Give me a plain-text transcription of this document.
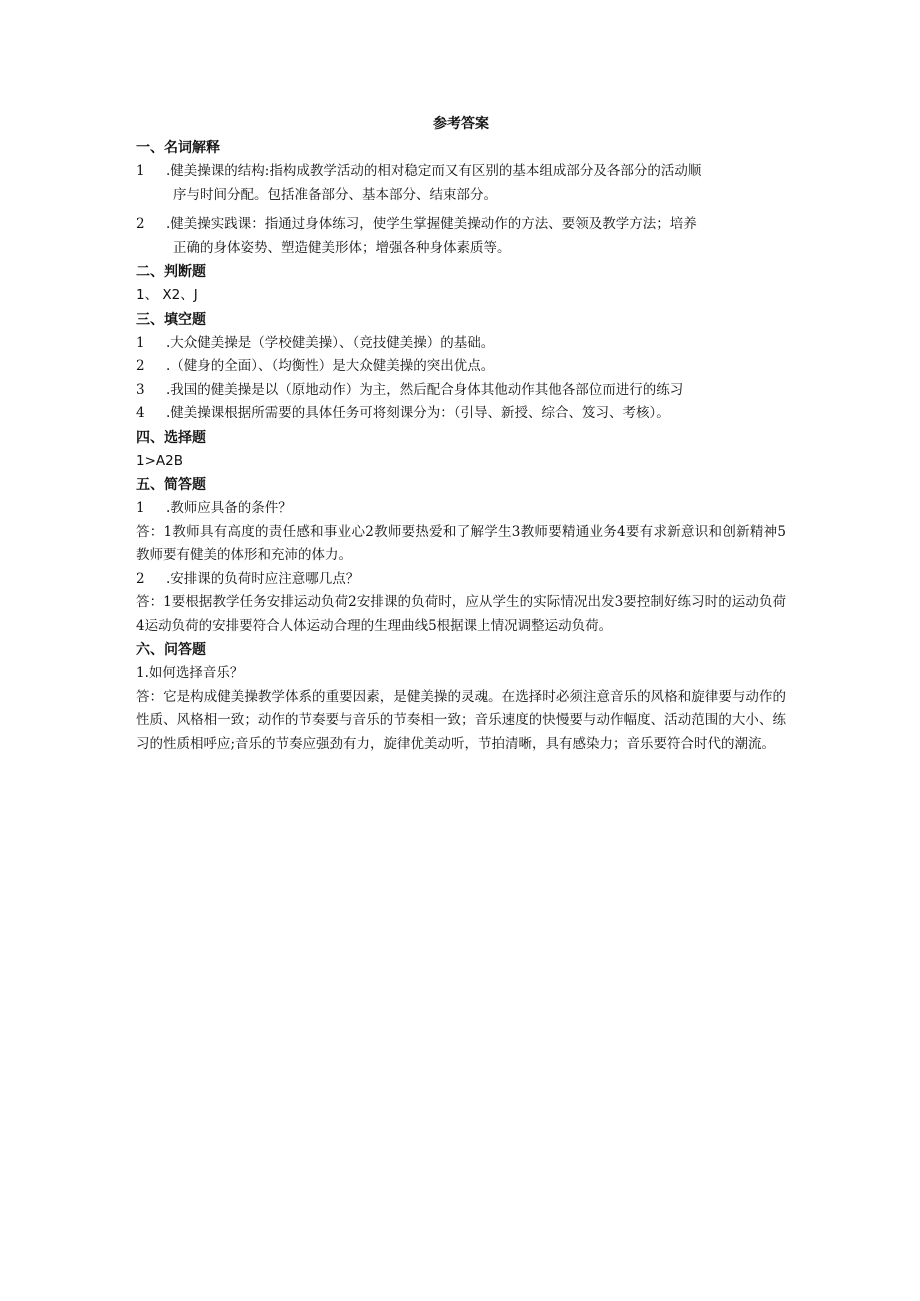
参考答案
一、名词解释
1	.健美操课的结构:指构成教学活动的相对稳定而又有区别的基本组成部分及各部分的活动顺
序与时间分配。包括准备部分、基本部分、结束部分。
2	.健美操实践课：指通过身体练习，使学生掌握健美操动作的方法、要领及教学方法；培养
正确的身体姿势、塑造健美形体；增强各种身体素质等。
二、判断题
1、 X2、J
三、填空题
1	.大众健美操是（学校健美操）、（竞技健美操）的基础。
2	.（健身的全面）、（均衡性）是大众健美操的突出优点。
3	.我国的健美操是以（原地动作）为主，然后配合身体其他动作其他各部位而进行的练习
4	.健美操课根据所需要的具体任务可将刻课分为：（引导、新授、综合、笈习、考核）。
四、选择题
1>A2B
五、简答题
1	.教师应具备的条件？
答：1教师具有高度的责任感和事业心2教师要热爱和了解学生3教师要精通业务4要有求新意识和创新精神5教师要有健美的体形和充沛的体力。
2	.安排课的负荷时应注意哪几点？
答：1要根据教学任务安排运动负荷2安排课的负荷时，应从学生的实际情况出发3要控制好练习时的运动负荷4运动负荷的安排要符合人体运动合理的生理曲线5根据课上情况调整运动负荷。
六、问答题
1.如何选择音乐？
答：它是构成健美操教学体系的重要因素，是健美操的灵魂。在选择时必须注意音乐的风格和旋律要与动作的性质、风格相一致；动作的节奏要与音乐的节奏相一致；音乐速度的快慢要与动作幅度、活动范围的大小、练习的性质相呼应;音乐的节奏应强劲有力，旋律优美动听，节拍清晰，具有感染力；音乐要符合时代的潮流。
